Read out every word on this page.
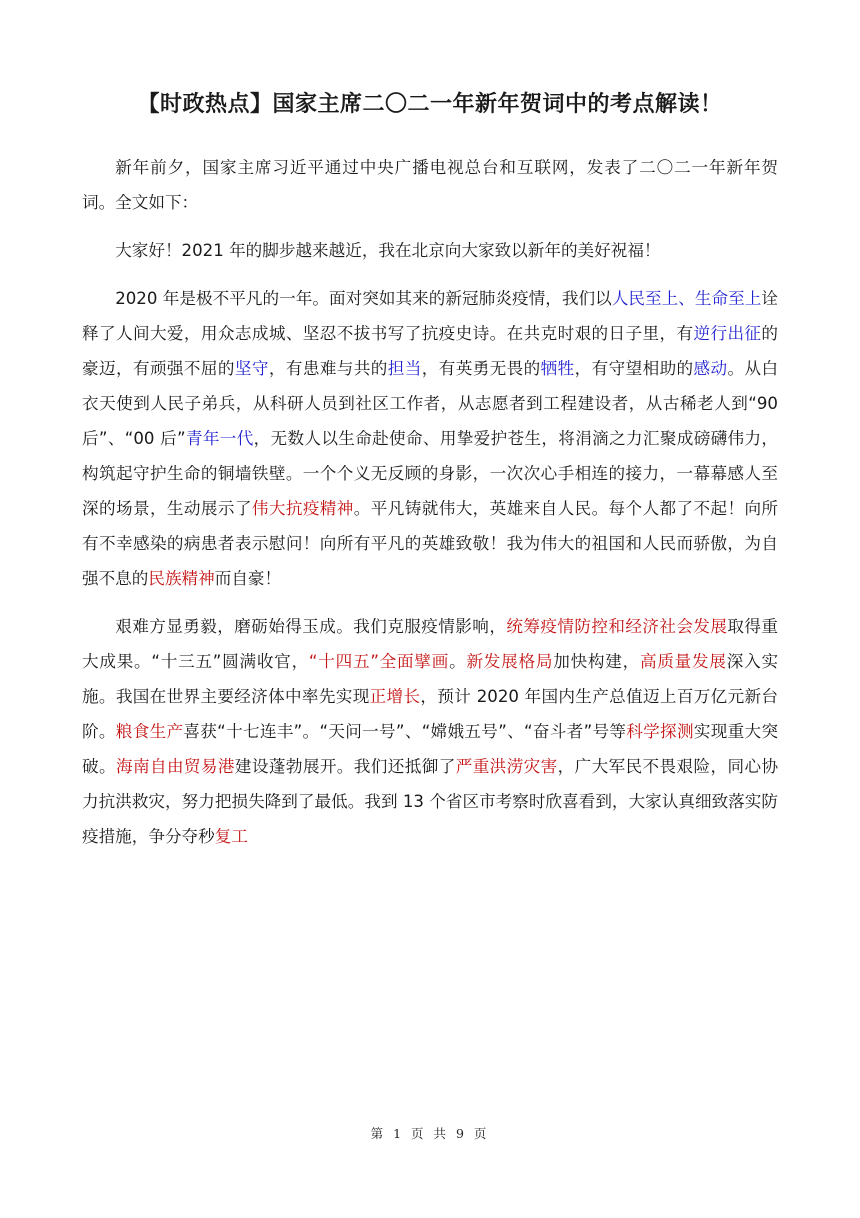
【时政热点】国家主席二〇二一年新年贺词中的考点解读！

新年前夕，国家主席习近平通过中央广播电视总台和互联网，发表了二〇二一年新年贺词。全文如下：

大家好！2021 年的脚步越来越近，我在北京向大家致以新年的美好祝福！

2020 年是极不平凡的一年。面对突如其来的新冠肺炎疫情，我们以人民至上、生命至上诠释了人间大爱，用众志成城、坚忍不拔书写了抗疫史诗。在共克时艰的日子里，有逆行出征的豪迈，有顽强不屈的坚守，有患难与共的担当，有英勇无畏的牺牲，有守望相助的感动。从白衣天使到人民子弟兵，从科研人员到社区工作者，从志愿者到工程建设者，从古稀老人到“90 后”、“00 后”青年一代，无数人以生命赴使命、用挚爱护苍生，将涓滴之力汇聚成磅礴伟力，构筑起守护生命的铜墙铁壁。一个个义无反顾的身影，一次次心手相连的接力，一幕幕感人至深的场景，生动展示了伟大抗疫精神。平凡铸就伟大，英雄来自人民。每个人都了不起！向所有不幸感染的病患者表示慰问！向所有平凡的英雄致敬！我为伟大的祖国和人民而骄傲，为自强不息的民族精神而自豪！

艰难方显勇毅，磨砺始得玉成。我们克服疫情影响，统筹疫情防控和经济社会发展取得重大成果。“十三五”圆满收官，“十四五”全面擘画。新发展格局加快构建，高质量发展深入实施。我国在世界主要经济体中率先实现正增长，预计 2020 年国内生产总值迈上百万亿元新台阶。粮食生产喜获“十七连丰”。“天问一号”、“嫦娥五号”、“奋斗者”号等科学探测实现重大突破。海南自由贸易港建设蓬勃展开。我们还抵御了严重洪涝灾害，广大军民不畏艰险，同心协力抗洪救灾，努力把损失降到了最低。我到 13 个省区市考察时欣喜看到，大家认真细致落实防疫措施，争分夺秒复工

第 1 页 共 9 页
